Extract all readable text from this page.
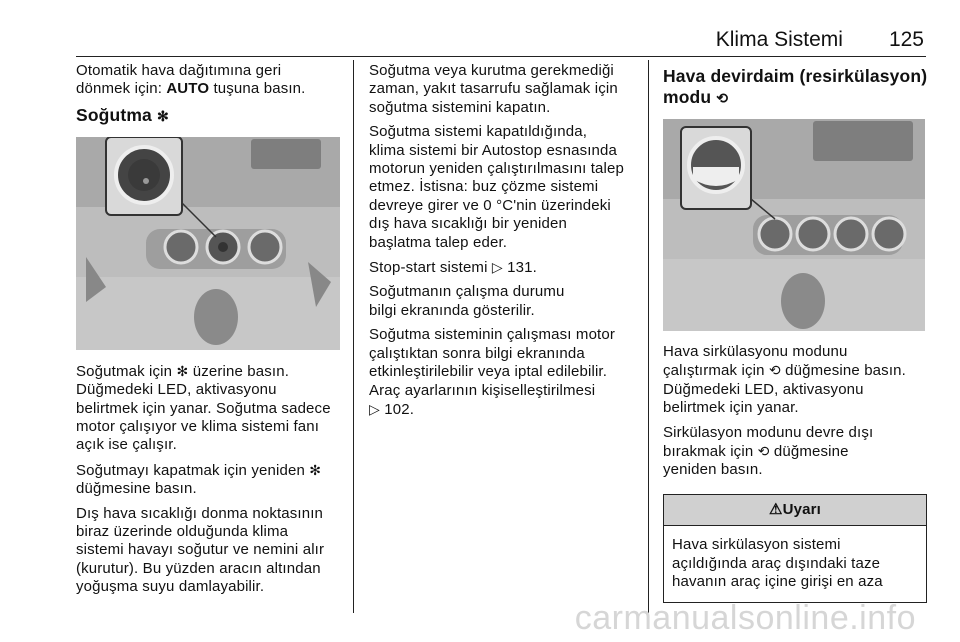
Klima Sistemi 125

Otomatik hava dağıtımına geri
dönmek için: AUTO tuşuna basın.

Soğutma ✻

Soğutmak için ✻ üzerine basın.
Düğmedeki LED, aktivasyonu
belirtmek için yanar. Soğutma sadece
motor çalışıyor ve klima sistemi fanı
açık ise çalışır.

Soğutmayı kapatmak için yeniden ✻
düğmesine basın.

Dış hava sıcaklığı donma noktasının
biraz üzerinde olduğunda klima
sistemi havayı soğutur ve nemini alır
(kurutur). Bu yüzden aracın altından
yoğuşma suyu damlayabilir.

Soğutma veya kurutma gerekmediği
zaman, yakıt tasarrufu sağlamak için
soğutma sistemini kapatın.

Soğutma sistemi kapatıldığında,
klima sistemi bir Autostop esnasında
motorun yeniden çalıştırılmasını talep
etmez. İstisna: buz çözme sistemi
devreye girer ve 0 °C'nin üzerindeki
dış hava sıcaklığı bir yeniden
başlatma talep eder.

Stop-start sistemi ▷ 131.

Soğutmanın çalışma durumu
bilgi ekranında gösterilir.

Soğutma sisteminin çalışması motor
çalıştıktan sonra bilgi ekranında
etkinleştirilebilir veya iptal edilebilir.
Araç ayarlarının kişiselleştirilmesi
▷ 102.

Hava devirdaim (resirkülasyon)
modu ⟲

Hava sirkülasyonu modunu
çalıştırmak için ⟲ düğmesine basın.
Düğmedeki LED, aktivasyonu
belirtmek için yanar.

Sirkülasyon modunu devre dışı
bırakmak için ⟲ düğmesine
yeniden basın.

⚠Uyarı
Hava sirkülasyon sistemi
açıldığında araç dışındaki taze
havanın araç içine girişi en aza
carmanualsonline.info
